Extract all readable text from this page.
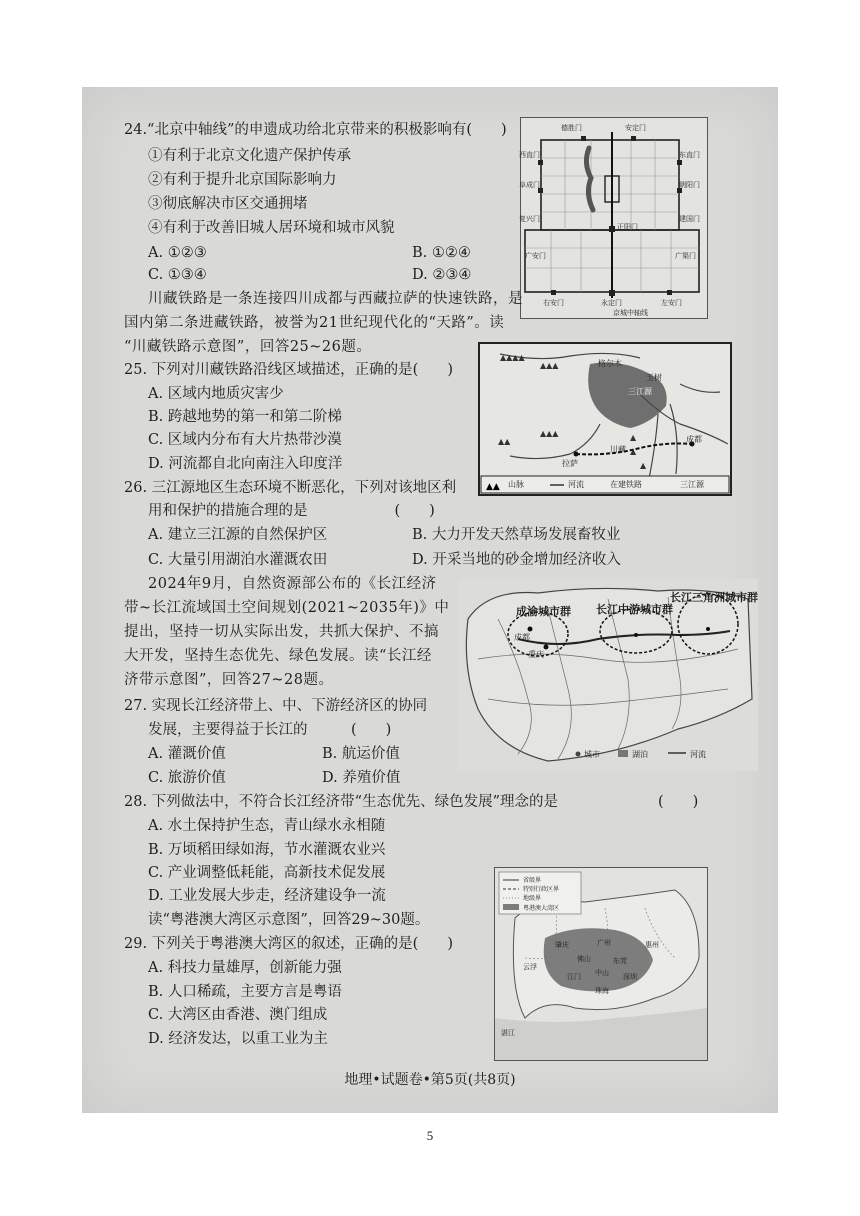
24.“北京中轴线”的申遗成功给北京带来的积极影响有(　　)
①有利于北京文化遗产保护传承
②有利于提升北京国际影响力
③彻底解决市区交通拥堵
④有利于改善旧城人居环境和城市风貌
A. ①②③	B. ①②④
C. ①③④	D. ②③④
德胜门	安定门
西直门	东直门
阜成门	朝阳门
复兴门	建国门
正阳门
广安门	广渠门
右安门	永定门	左安门
京城中轴线
川藏铁路是一条连接四川成都与西藏拉萨的快速铁路，是
国内第二条进藏铁路，被誉为21世纪现代化的“天路”。读
“川藏铁路示意图”，回答25~26题。
25. 下列对川藏铁路沿线区域描述，正确的是(　　)
A. 区域内地质灾害少
B. 跨越地势的第一和第二阶梯
C. 区域内分布有大片热带沙漠
D. 河流都自北向南注入印度洋
▲▲▲▲
▲▲▲
▲
▲
▲
▲▲
▲▲▲
▲▲
格尔木
三江源
玉树
拉萨
川藏
成都
山脉	河流	在建铁路	三江源
26. 三江源地区生态环境不断恶化，下列对该地区利
用和保护的措施合理的是　　　　　　(　　)
A. 建立三江源的自然保护区	B. 大力开发天然草场发展畜牧业
C. 大量引用湖泊水灌溉农田	D. 开采当地的砂金增加经济收入
2024年9月，自然资源部公布的《长江经济
带~长江流域国土空间规划(2021~2035年)》中
提出，坚持一切从实际出发，共抓大保护、不搞
大开发，坚持生态优先、绿色发展。读“长江经
济带示意图”，回答27~28题。
成渝城市群 长江中游城市群
长江三角洲城市群
成都
重庆
城市	湖泊	河流
27. 实现长江经济带上、中、下游经济区的协同
发展，主要得益于长江的　　　(　　)
A. 灌溉价值	B. 航运价值
C. 旅游价值	D. 养殖价值
28. 下列做法中，不符合长江经济带“生态优先、绿色发展”理念的是	(　　)
A. 水土保持护生态，青山绿水永相随
B. 万顷稻田绿如海，节水灌溉农业兴
C. 产业调整低耗能，高新技术促发展
D. 工业发展大步走，经济建设争一流
读“粤港澳大湾区示意图”，回答29~30题。
省级界
特别行政区界
地级界
粤港澳大湾区
肇庆	广州	惠州
佛山	东莞
江门	深圳
中山
珠海
云浮
湛江
29. 下列关于粤港澳大湾区的叙述，正确的是(　　)
A. 科技力量雄厚，创新能力强
B. 人口稀疏，主要方言是粤语
C. 大湾区由香港、澳门组成
D. 经济发达，以重工业为主
地理•试题卷•第5页(共8页)
5
